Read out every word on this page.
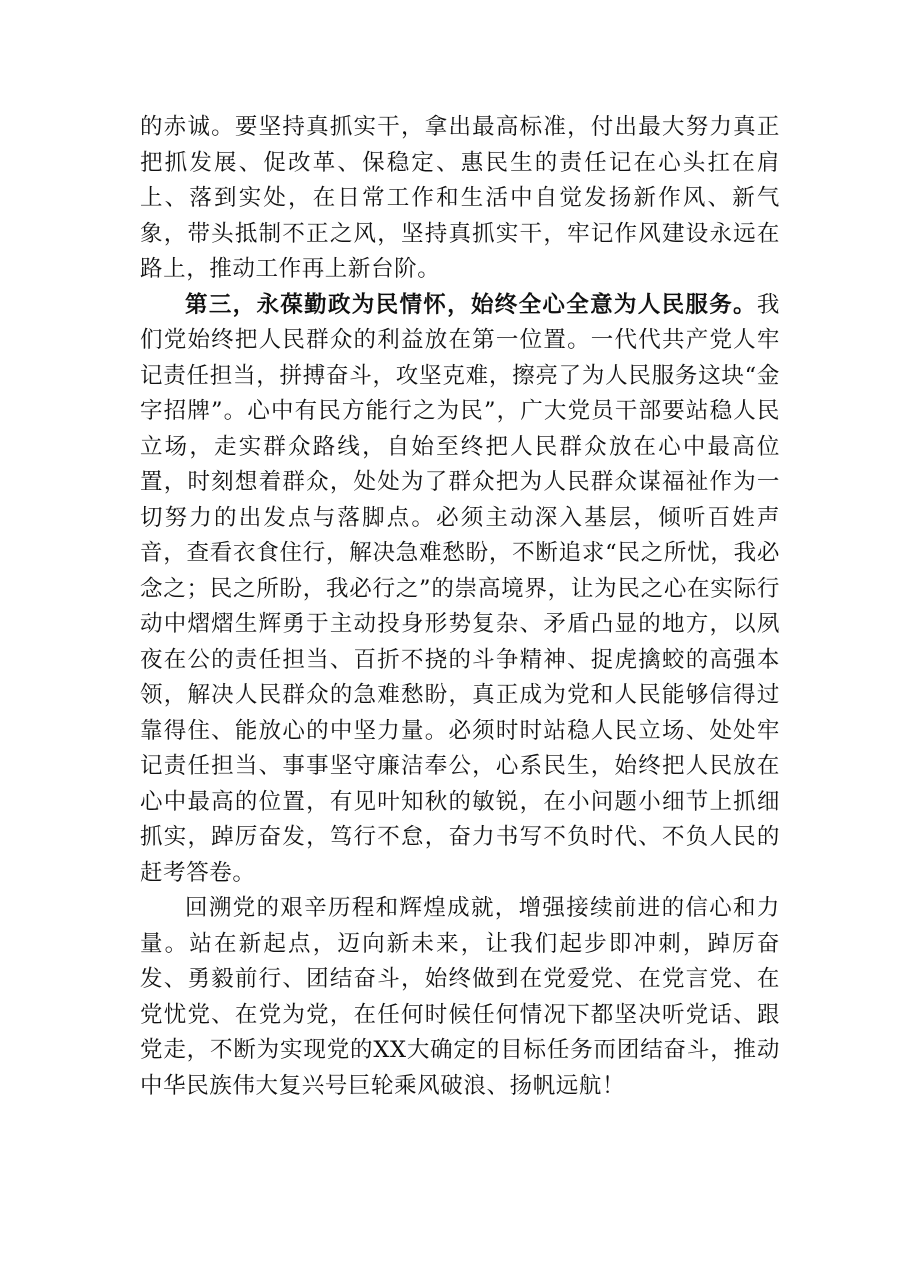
的赤诚。要坚持真抓实干，拿出最高标准，付出最大努力真正把抓发展、促改革、保稳定、惠民生的责任记在心头扛在肩上、落到实处，在日常工作和生活中自觉发扬新作风、新气象，带头抵制不正之风，坚持真抓实干，牢记作风建设永远在路上，推动工作再上新台阶。

第三，永葆勤政为民情怀，始终全心全意为人民服务。我们党始终把人民群众的利益放在第一位置。一代代共产党人牢记责任担当，拼搏奋斗，攻坚克难，擦亮了为人民服务这块“金字招牌”。心中有民方能行之为民”，广大党员干部要站稳人民立场，走实群众路线，自始至终把人民群众放在心中最高位置，时刻想着群众，处处为了群众把为人民群众谋福祉作为一切努力的出发点与落脚点。必须主动深入基层，倾听百姓声音，查看衣食住行，解决急难愁盼，不断追求“民之所忧，我必念之；民之所盼，我必行之”的崇高境界，让为民之心在实际行动中熠熠生辉勇于主动投身形势复杂、矛盾凸显的地方，以夙夜在公的责任担当、百折不挠的斗争精神、捉虎擒蛟的高强本领，解决人民群众的急难愁盼，真正成为党和人民能够信得过靠得住、能放心的中坚力量。必须时时站稳人民立场、处处牢记责任担当、事事坚守廉洁奉公，心系民生，始终把人民放在心中最高的位置，有见叶知秋的敏锐，在小问题小细节上抓细抓实，踔厉奋发，笃行不怠，奋力书写不负时代、不负人民的赶考答卷。

回溯党的艰辛历程和辉煌成就，增强接续前进的信心和力量。站在新起点，迈向新未来，让我们起步即冲刺，踔厉奋发、勇毅前行、团结奋斗，始终做到在党爱党、在党言党、在党忧党、在党为党，在任何时候任何情况下都坚决听党话、跟党走，不断为实现党的XX大确定的目标任务而团结奋斗，推动中华民族伟大复兴号巨轮乘风破浪、扬帆远航！
